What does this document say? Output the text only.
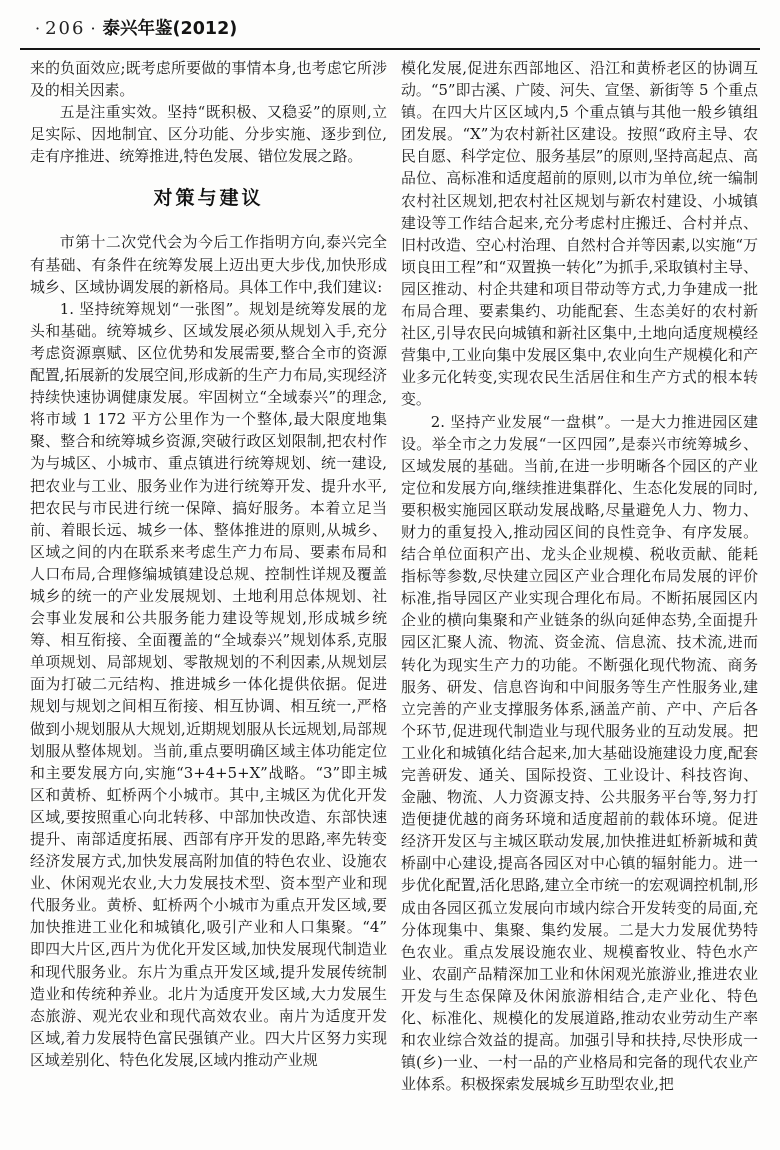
· 206 · 泰兴年鉴(2012)

来的负面效应;既考虑所要做的事情本身,也考虑它所涉及的相关因素。

五是注重实效。坚持“既积极、又稳妥”的原则,立足实际、因地制宜、区分功能、分步实施、逐步到位,走有序推进、统筹推进,特色发展、错位发展之路。

对策与建议

市第十二次党代会为今后工作指明方向,泰兴完全有基础、有条件在统筹发展上迈出更大步伐,加快形成城乡、区域协调发展的新格局。具体工作中,我们建议:

1. 坚持统筹规划“一张图”。规划是统筹发展的龙头和基础。统筹城乡、区域发展必须从规划入手,充分考虑资源禀赋、区位优势和发展需要,整合全市的资源配置,拓展新的发展空间,形成新的生产力布局,实现经济持续快速协调健康发展。牢固树立“全域泰兴”的理念,将市域 1 172 平方公里作为一个整体,最大限度地集聚、整合和统筹城乡资源,突破行政区划限制,把农村作为与城区、小城市、重点镇进行统筹规划、统一建设,把农业与工业、服务业作为进行统筹开发、提升水平,把农民与市民进行统一保障、搞好服务。本着立足当前、着眼长远、城乡一体、整体推进的原则,从城乡、区域之间的内在联系来考虑生产力布局、要素布局和人口布局,合理修编城镇建设总规、控制性详规及覆盖城乡的统一的产业发展规划、土地利用总体规划、社会事业发展和公共服务能力建设等规划,形成城乡统筹、相互衔接、全面覆盖的“全域泰兴”规划体系,克服单项规划、局部规划、零散规划的不利因素,从规划层面为打破二元结构、推进城乡一体化提供依据。促进规划与规划之间相互衔接、相互协调、相互统一,严格做到小规划服从大规划,近期规划服从长远规划,局部规划服从整体规划。当前,重点要明确区域主体功能定位和主要发展方向,实施“3+4+5+X”战略。“3”即主城区和黄桥、虹桥两个小城市。其中,主城区为优化开发区域,要按照重心向北转移、中部加快改造、东部快速提升、南部适度拓展、西部有序开发的思路,率先转变经济发展方式,加快发展高附加值的特色农业、设施农业、休闲观光农业,大力发展技术型、资本型产业和现代服务业。黄桥、虹桥两个小城市为重点开发区域,要加快推进工业化和城镇化,吸引产业和人口集聚。“4”即四大片区,西片为优化开发区域,加快发展现代制造业和现代服务业。东片为重点开发区域,提升发展传统制造业和传统种养业。北片为适度开发区域,大力发展生态旅游、观光农业和现代高效农业。南片为适度开发区域,着力发展特色富民强镇产业。四大片区努力实现区域差别化、特色化发展,区域内推动产业规

模化发展,促进东西部地区、沿江和黄桥老区的协调互动。“5”即古溪、广陵、河失、宣堡、新街等 5 个重点镇。在四大片区区域内,5 个重点镇与其他一般乡镇组团发展。“X”为农村新社区建设。按照“政府主导、农民自愿、科学定位、服务基层”的原则,坚持高起点、高品位、高标准和适度超前的原则,以市为单位,统一编制农村社区规划,把农村社区规划与新农村建设、小城镇建设等工作结合起来,充分考虑村庄搬迁、合村并点、旧村改造、空心村治理、自然村合并等因素,以实施“万顷良田工程”和“双置换一转化”为抓手,采取镇村主导、园区推动、村企共建和项目带动等方式,力争建成一批布局合理、要素集约、功能配套、生态美好的农村新社区,引导农民向城镇和新社区集中,土地向适度规模经营集中,工业向集中发展区集中,农业向生产规模化和产业多元化转变,实现农民生活居住和生产方式的根本转变。

2. 坚持产业发展“一盘棋”。一是大力推进园区建设。举全市之力发展“一区四园”,是泰兴市统筹城乡、区域发展的基础。当前,在进一步明晰各个园区的产业定位和发展方向,继续推进集群化、生态化发展的同时,要积极实施园区联动发展战略,尽量避免人力、物力、财力的重复投入,推动园区间的良性竞争、有序发展。结合单位面积产出、龙头企业规模、税收贡献、能耗指标等参数,尽快建立园区产业合理化布局发展的评价标准,指导园区产业实现合理化布局。不断拓展园区内企业的横向集聚和产业链条的纵向延伸态势,全面提升园区汇聚人流、物流、资金流、信息流、技术流,进而转化为现实生产力的功能。不断强化现代物流、商务服务、研发、信息咨询和中间服务等生产性服务业,建立完善的产业支撑服务体系,涵盖产前、产中、产后各个环节,促进现代制造业与现代服务业的互动发展。把工业化和城镇化结合起来,加大基础设施建设力度,配套完善研发、通关、国际投资、工业设计、科技咨询、金融、物流、人力资源支持、公共服务平台等,努力打造便捷优越的商务环境和适度超前的载体环境。促进经济开发区与主城区联动发展,加快推进虹桥新城和黄桥副中心建设,提高各园区对中心镇的辐射能力。进一步优化配置,活化思路,建立全市统一的宏观调控机制,形成由各园区孤立发展向市域内综合开发转变的局面,充分体现集中、集聚、集约发展。二是大力发展优势特色农业。重点发展设施农业、规模畜牧业、特色水产业、农副产品精深加工业和休闲观光旅游业,推进农业开发与生态保障及休闲旅游相结合,走产业化、特色化、标准化、规模化的发展道路,推动农业劳动生产率和农业综合效益的提高。加强引导和扶持,尽快形成一镇(乡)一业、一村一品的产业格局和完备的现代农业产业体系。积极探索发展城乡互助型农业,把
